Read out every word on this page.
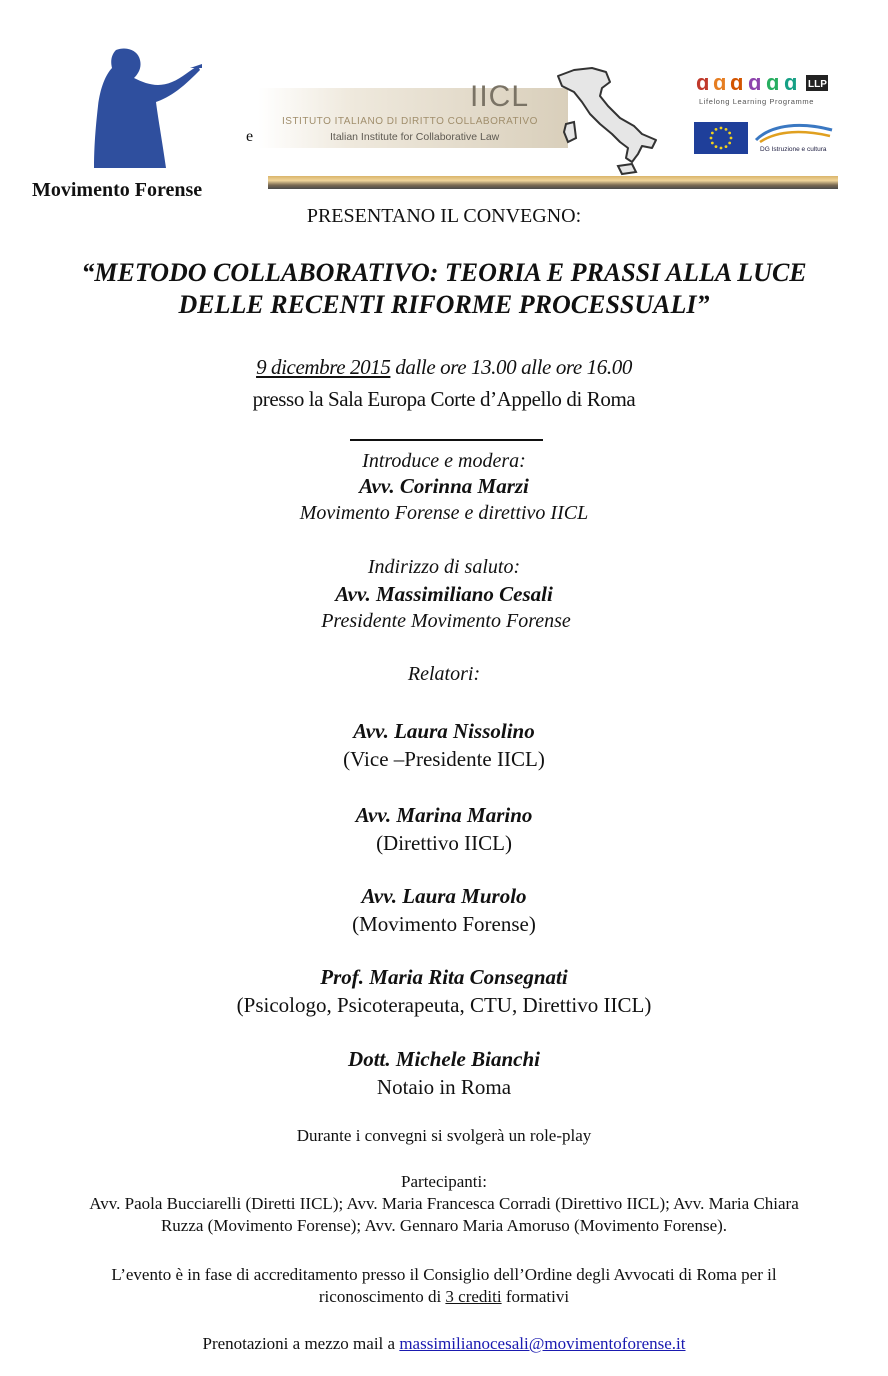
Movimento Forense
e
IICL
ISTITUTO ITALIANO DI DIRITTO COLLABORATIVO
Italian Institute for Collaborative Law
ɑ ɑ ɑ ɑ ɑ ɑ LLP
Lifelong Learning Programme
DG Istruzione e cultura
PRESENTANO IL CONVEGNO:
“METODO COLLABORATIVO: TEORIA E PRASSI ALLA LUCE
DELLE RECENTI RIFORME PROCESSUALI”
9 dicembre 2015 dalle ore 13.00 alle ore 16.00
presso la Sala Europa Corte d’Appello di Roma
Introduce e modera:
Avv. Corinna Marzi
Movimento Forense e direttivo IICL
Indirizzo di saluto:
Avv. Massimiliano Cesali
Presidente Movimento Forense
Relatori:
Avv. Laura Nissolino
(Vice –Presidente IICL)
Avv. Marina Marino
(Direttivo IICL)
Avv. Laura Murolo
(Movimento Forense)
Prof. Maria Rita Consegnati
(Psicologo, Psicoterapeuta, CTU, Direttivo IICL)
Dott. Michele Bianchi
Notaio in Roma
Durante i convegni si svolgerà un role-play
Partecipanti:
Avv. Paola Bucciarelli (Diretti IICL); Avv. Maria Francesca Corradi (Direttivo IICL); Avv. Maria Chiara
Ruzza (Movimento Forense); Avv. Gennaro Maria Amoruso (Movimento Forense).
L’evento è in fase di accreditamento presso il Consiglio dell’Ordine degli Avvocati di Roma per il
riconoscimento di 3 crediti formativi
Prenotazioni a mezzo mail a massimilianocesali@movimentoforense.it
